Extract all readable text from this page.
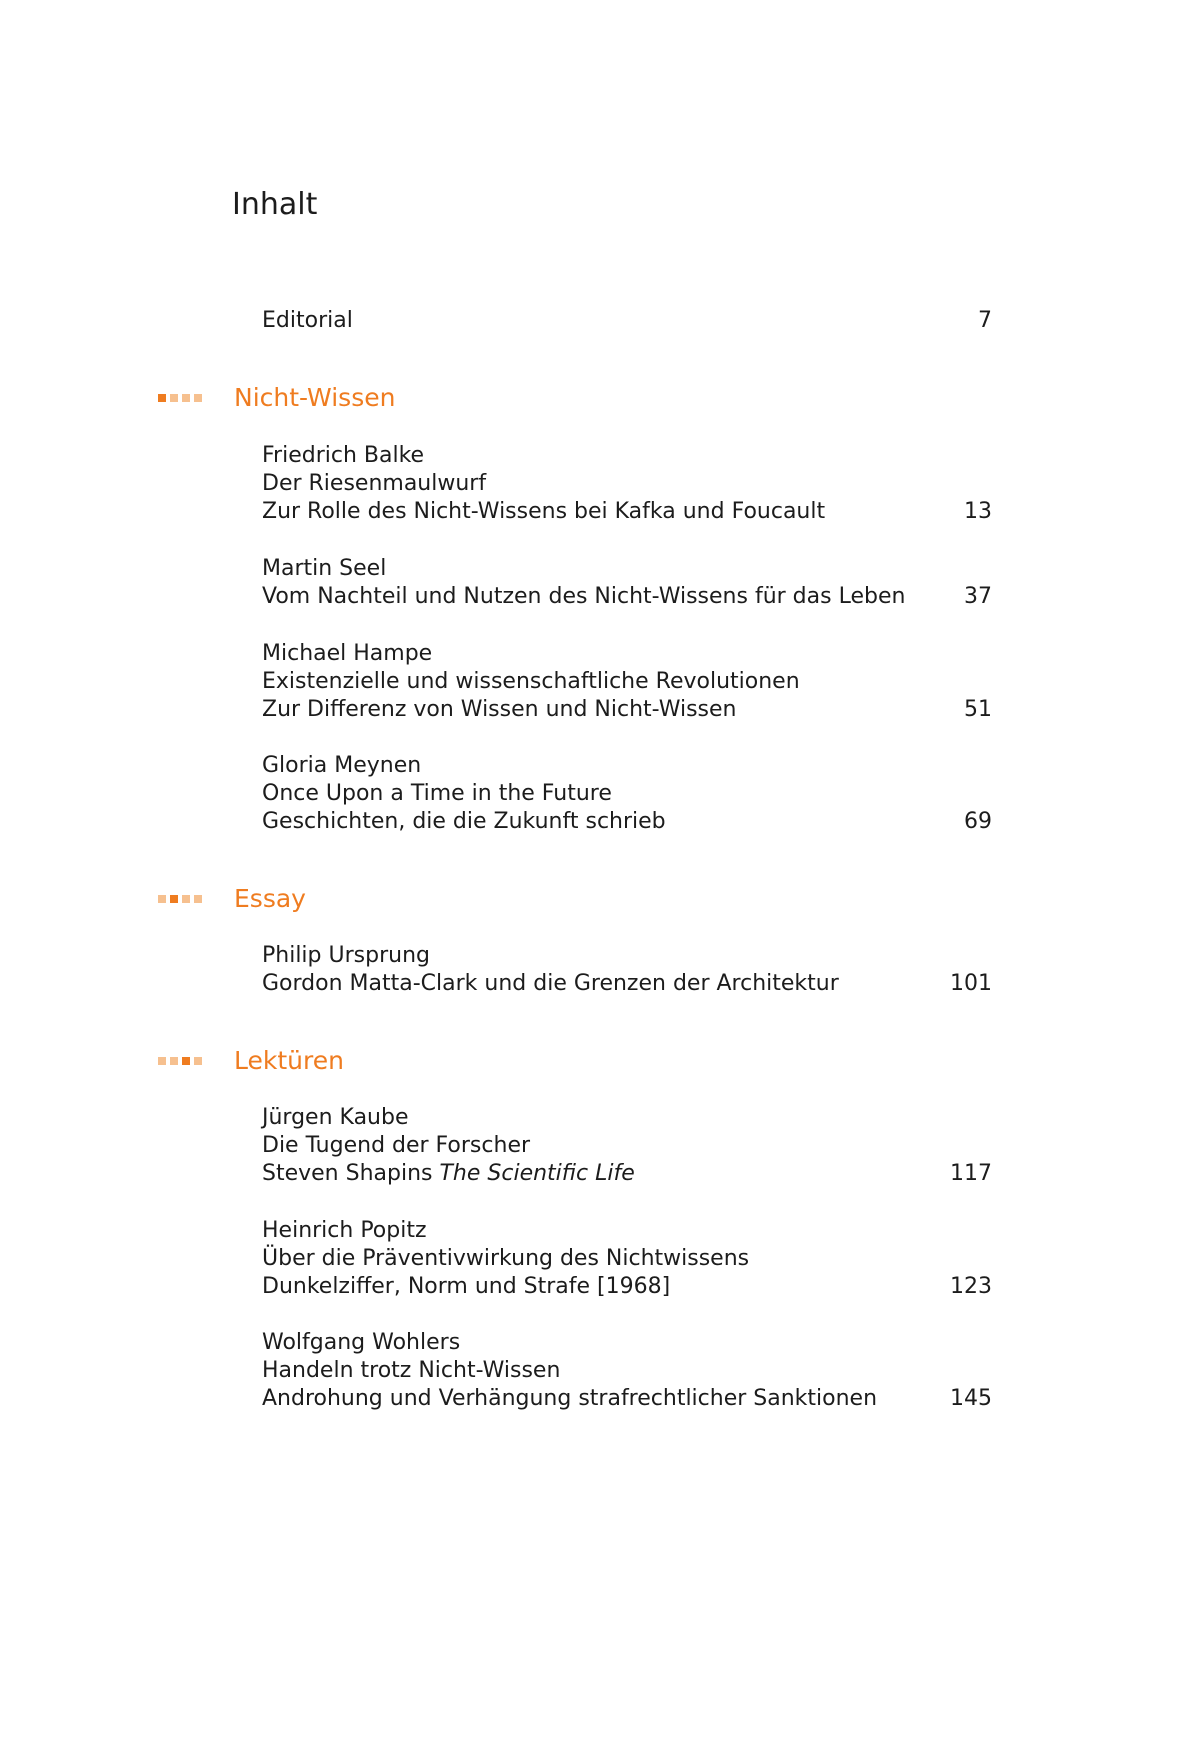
Inhalt
Editorial	7
Nicht-Wissen
Friedrich Balke
Der Riesenmaulwurf
Zur Rolle des Nicht-Wissens bei Kafka und Foucault	13
Martin Seel
Vom Nachteil und Nutzen des Nicht-Wissens für das Leben	37
Michael Hampe
Existenzielle und wissenschaftliche Revolutionen
Zur Differenz von Wissen und Nicht-Wissen	51
Gloria Meynen
Once Upon a Time in the Future
Geschichten, die die Zukunft schrieb	69
Essay
Philip Ursprung
Gordon Matta-Clark und die Grenzen der Architektur	101
Lektüren
Jürgen Kaube
Die Tugend der Forscher
Steven Shapins The Scientific Life	117
Heinrich Popitz
Über die Präventivwirkung des Nichtwissens
Dunkelziffer, Norm und Strafe [1968]	123
Wolfgang Wohlers
Handeln trotz Nicht-Wissen
Androhung und Verhängung strafrechtlicher Sanktionen	145
